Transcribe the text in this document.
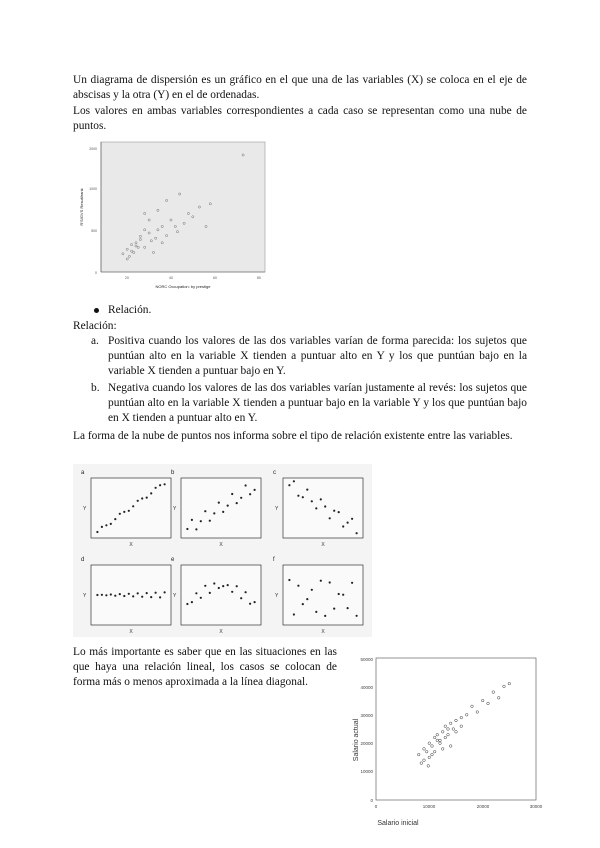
Un diagrama de dispersión es un gráfico en el que una de las variables (X) se coloca en el eje de abscisas y la otra (Y) en el de ordenadas.
Los valores en ambas variables correspondientes a cada caso se representan como una nube de puntos.
2000
1000
500
0
20	40	60	80
NORC Occupation: by prestige
R'S/GVS Result/rank
Relación.
Relación:
a. Positiva cuando los valores de las dos variables varían de forma parecida: los sujetos que puntúan alto en la variable X tienden a puntuar alto en Y y los que puntúan bajo en la variable X tienden a puntuar bajo en Y.
b. Negativa cuando los valores de las dos variables varían justamente al revés: los sujetos que puntúan alto en la variable X tienden a puntuar bajo en la variable Y y los que puntúan bajo en X tienden a puntuar alto en Y.
La forma de la nube de puntos nos informa sobre el tipo de relación existente entre las variables.
a
Y
X
b
Y
X
c
Y
X
d
Y
X
e
Y
X
f
Y
X
Lo más importante es saber que en las situaciones en las que haya una relación lineal, los casos se colocan de forma más o menos aproximada a la línea diagonal.
50000
40000
30000
20000
10000
0
0	10000	20000	30000
Salario inicial
Salario actual
